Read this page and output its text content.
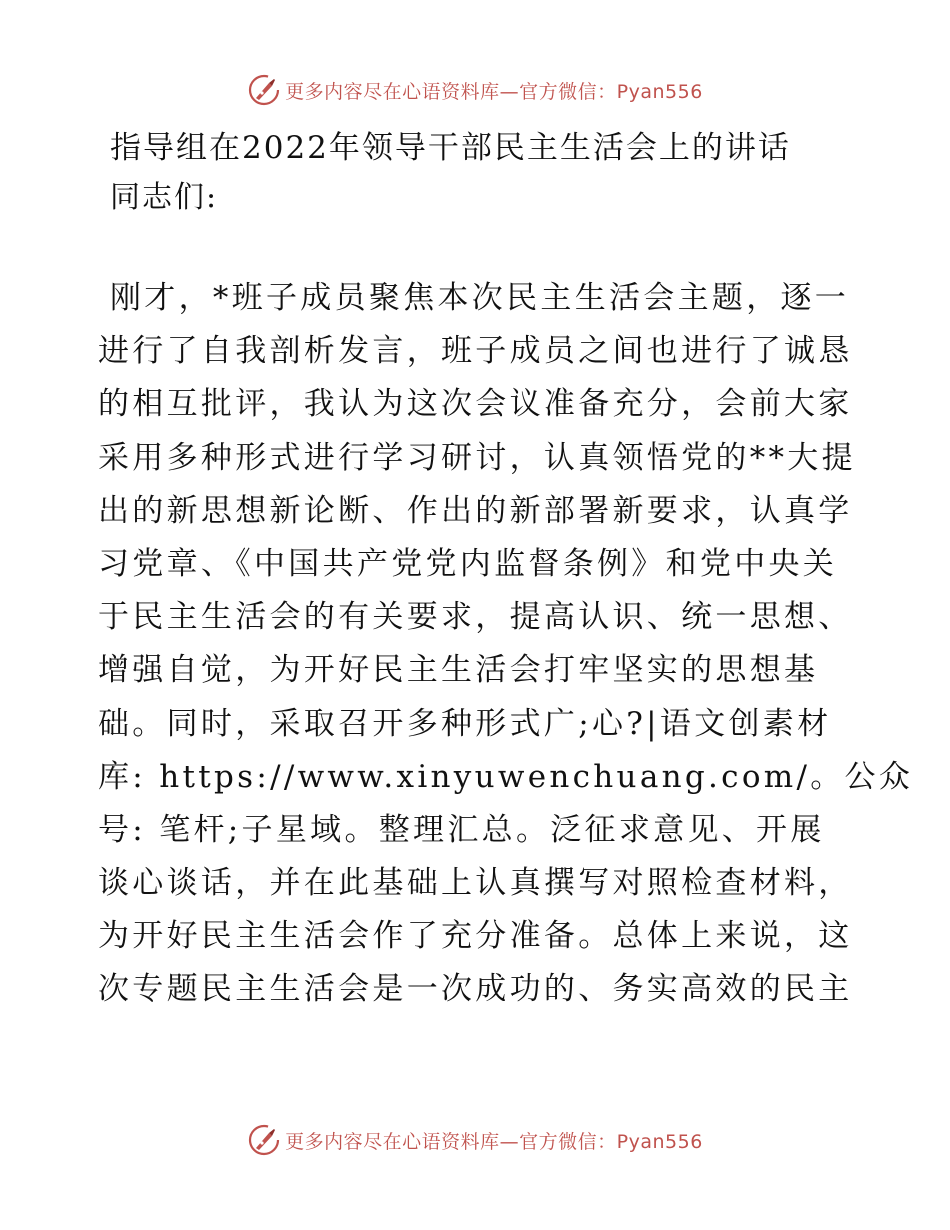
更多内容尽在心语资料库—官方微信：Pyan556
指导组在2022年领导干部民主生活会上的讲话

同志们:

刚才，*班子成员聚焦本次民主生活会主题，逐一
进行了自我剖析发言，班子成员之间也进行了诚恳
的相互批评，我认为这次会议准备充分，会前大家
采用多种形式进行学习研讨，认真领悟党的**大提
出的新思想新论断、作出的新部署新要求，认真学
习党章、《中国共产党党内监督条例》和党中央关
于民主生活会的有关要求，提高认识、统一思想、
增强自觉，为开好民主生活会打牢坚实的思想基
础。同时，采取召开多种形式广;心?|语文创素材
库: https://www.xinyuwenchuang.com/。公众
号: 笔杆;子星域。整理汇总。泛征求意见、开展
谈心谈话，并在此基础上认真撰写对照检查材料，
为开好民主生活会作了充分准备。总体上来说，这
次专题民主生活会是一次成功的、务实高效的民主
更多内容尽在心语资料库—官方微信：Pyan556
